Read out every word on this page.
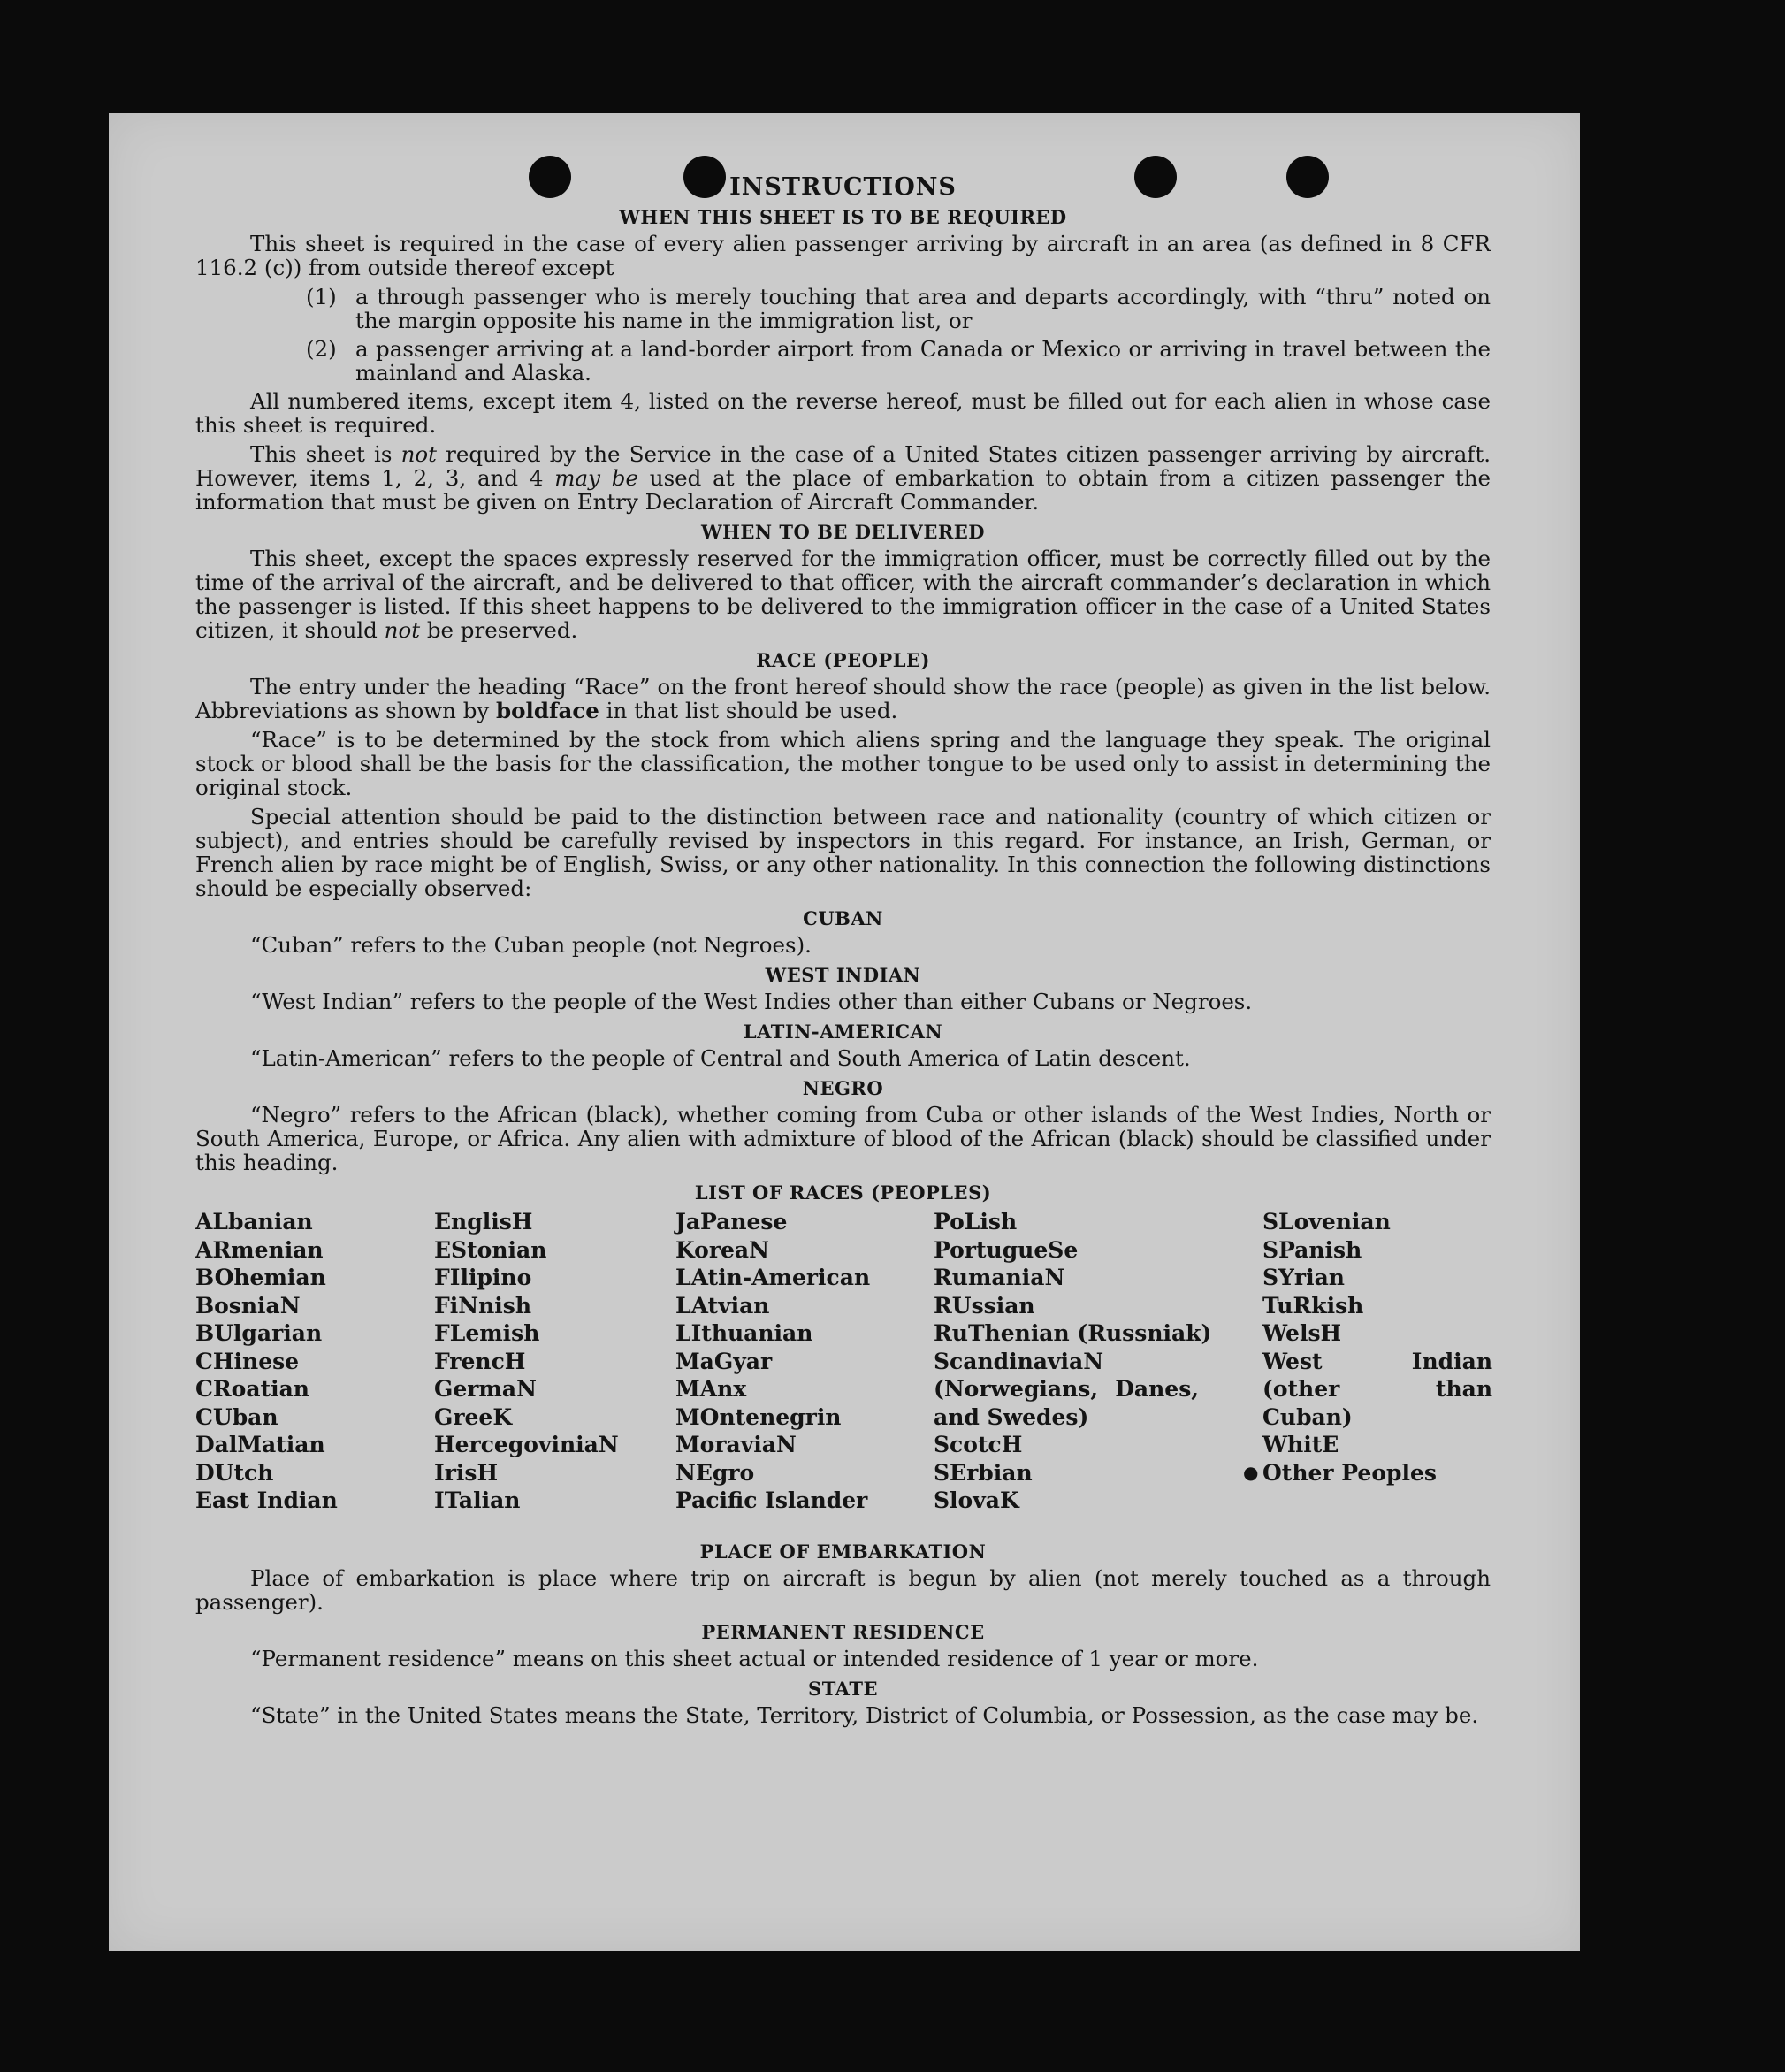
INSTRUCTIONS
WHEN THIS SHEET IS TO BE REQUIRED

This sheet is required in the case of every alien passenger arriving by aircraft in an area (as defined in 8 CFR 116.2 (c)) from outside thereof except

(1) a through passenger who is merely touching that area and departs accordingly, with “thru” noted on the margin opposite his name in the immigration list, or
(2) a passenger arriving at a land-border airport from Canada or Mexico or arriving in travel between the mainland and Alaska.

All numbered items, except item 4, listed on the reverse hereof, must be filled out for each alien in whose case this sheet is required.

This sheet is not required by the Service in the case of a United States citizen passenger arriving by aircraft. However, items 1, 2, 3, and 4 may be used at the place of embarkation to obtain from a citizen passenger the information that must be given on Entry Declaration of Aircraft Commander.

WHEN TO BE DELIVERED

This sheet, except the spaces expressly reserved for the immigration officer, must be correctly filled out by the time of the arrival of the aircraft, and be delivered to that officer, with the aircraft commander’s declaration in which the passenger is listed. If this sheet happens to be delivered to the immigration officer in the case of a United States citizen, it should not be preserved.

RACE (PEOPLE)

The entry under the heading “Race” on the front hereof should show the race (people) as given in the list below. Abbreviations as shown by boldface in that list should be used.

“Race” is to be determined by the stock from which aliens spring and the language they speak. The original stock or blood shall be the basis for the classification, the mother tongue to be used only to assist in determining the original stock.

Special attention should be paid to the distinction between race and nationality (country of which citizen or subject), and entries should be carefully revised by inspectors in this regard. For instance, an Irish, German, or French alien by race might be of English, Swiss, or any other nationality. In this connection the following distinctions should be especially observed:

CUBAN

“Cuban” refers to the Cuban people (not Negroes).

WEST INDIAN

“West Indian” refers to the people of the West Indies other than either Cubans or Negroes.

LATIN-AMERICAN

“Latin-American” refers to the people of Central and South America of Latin descent.

NEGRO

“Negro” refers to the African (black), whether coming from Cuba or other islands of the West Indies, North or South America, Europe, or Africa. Any alien with admixture of blood of the African (black) should be classified under this heading.

LIST OF RACES (PEOPLES)
ALbanian
ARmenian
BOhemian
BosniaN
BUlgarian
CHinese
CRoatian
CUban
DalMatian
DUtch
East Indian
EnglisH
EStonian
FIlipino
FiNnish
FLemish
FrencH
GermaN
GreeK
HercegoviniaN
IrisH
ITalian
JaPanese
KoreaN
LAtin-American
LAtvian
LIthuanian
MaGyar
MAnx
MOntenegrin
MoraviaN
NEgro
Pacific Islander
PoLish
PortugueSe
RumaniaN
RUssian
RuThenian (Russniak)
ScandinaviaN (Norwegians, Danes, and Swedes)
ScotcH
SErbian
SlovaK
SLovenian
SPanish
SYrian
TuRkish
WelsH
West Indian (other than Cuban)
WhitE
● Other Peoples
PLACE OF EMBARKATION

Place of embarkation is place where trip on aircraft is begun by alien (not merely touched as a through passenger).

PERMANENT RESIDENCE

“Permanent residence” means on this sheet actual or intended residence of 1 year or more.

STATE

“State” in the United States means the State, Territory, District of Columbia, or Possession, as the case may be.
